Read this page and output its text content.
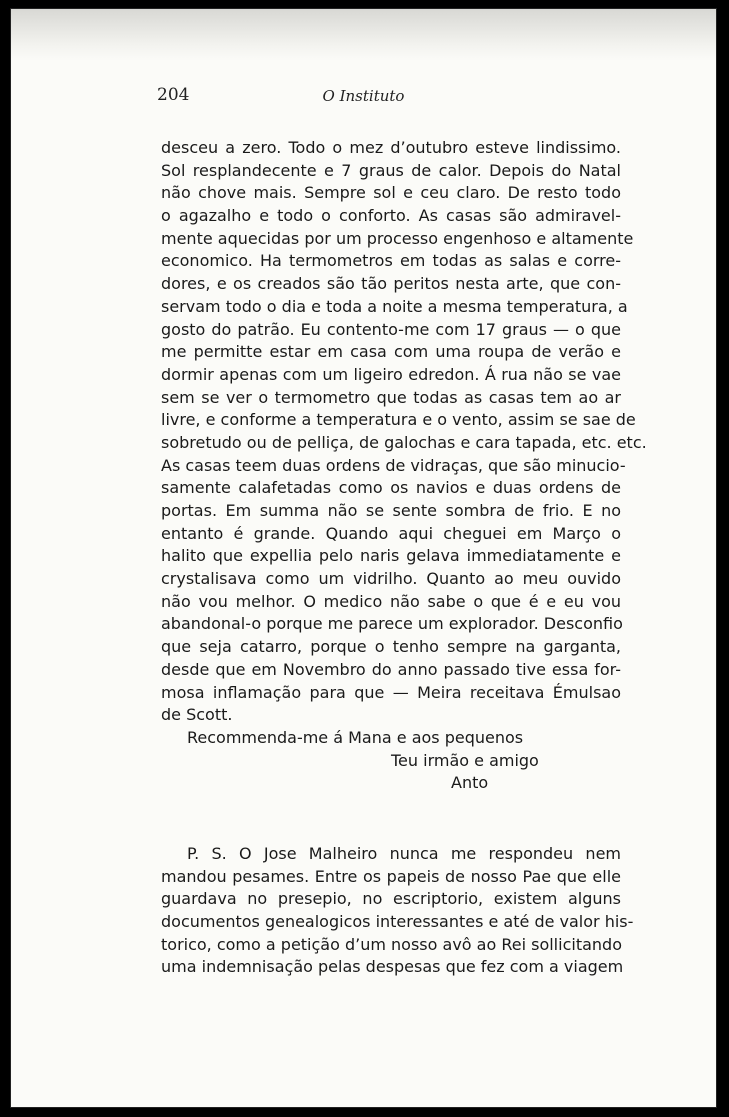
204	O Instituto
desceu a zero. Todo o mez d’outubro esteve lindissimo.
Sol resplandecente e 7 graus de calor. Depois do Natal
não chove mais. Sempre sol e ceu claro. De resto todo
o agazalho e todo o conforto. As casas são admiravel-
mente aquecidas por um processo engenhoso e altamente
economico. Ha termometros em todas as salas e corre-
dores, e os creados são tão peritos nesta arte, que con-
servam todo o dia e toda a noite a mesma temperatura, a
gosto do patrão. Eu contento-me com 17 graus — o que
me permitte estar em casa com uma roupa de verão e
dormir apenas com um ligeiro edredon. Á rua não se vae
sem se ver o termometro que todas as casas tem ao ar
livre, e conforme a temperatura e o vento, assim se sae de
sobretudo ou de pelliça, de galochas e cara tapada, etc. etc.
As casas teem duas ordens de vidraças, que são minucio-
samente calafetadas como os navios e duas ordens de
portas. Em summa não se sente sombra de frio. E no
entanto é grande. Quando aqui cheguei em Março o
halito que expellia pelo naris gelava immediatamente e
crystalisava como um vidrilho. Quanto ao meu ouvido
não vou melhor. O medico não sabe o que é e eu vou
abandonal-o porque me parece um explorador. Desconfio
que seja catarro, porque o tenho sempre na garganta,
desde que em Novembro do anno passado tive essa for-
mosa inflamação para que — Meira receitava Émulsao
de Scott.
Recommenda-me á Mana e aos pequenos
Teu irmão e amigo
Anto
P. S. O Jose Malheiro nunca me respondeu nem
mandou pesames. Entre os papeis de nosso Pae que elle
guardava no presepio, no escriptorio, existem alguns
documentos genealogicos interessantes e até de valor his-
torico, como a petição d’um nosso avô ao Rei sollicitando
uma indemnisação pelas despesas que fez com a viagem
